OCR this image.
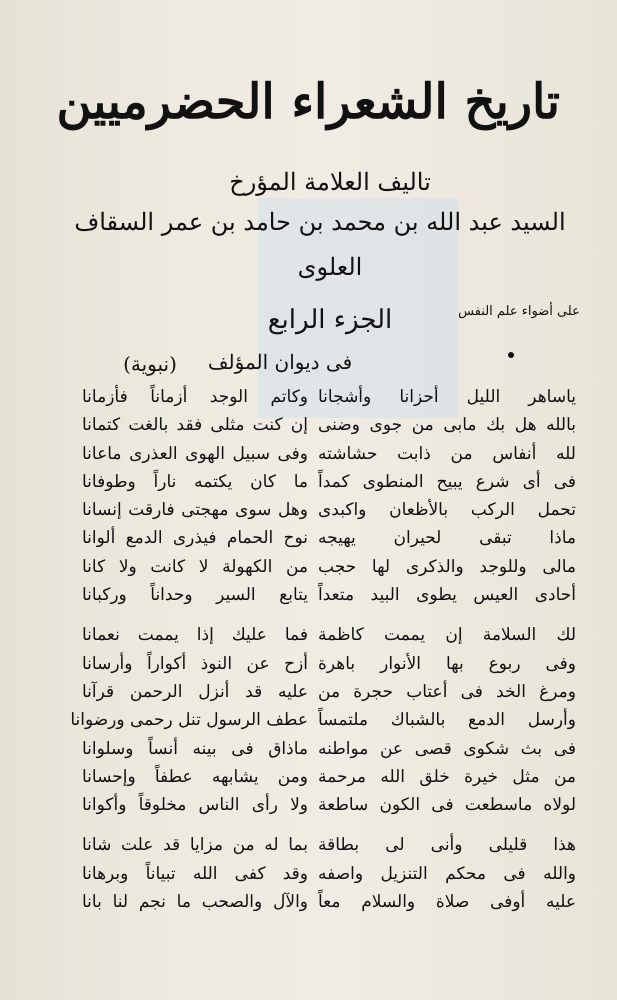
تاريخ الشعراء الحضرميين
تاليف العلامة المؤرخ
السيد عبد الله بن محمد بن حامد بن عمر السقاف
العلوى
الجزء الرابع	على أضواء علم النفس
فى ديوان المؤلف
(نبوية)
ياساهر الليل أحزانا وأشجانا
بالله هل بك مابى من جوى وضنى
لله أنفاس من ذابت حشاشته
فى أى شرع يبيح المنطوى كمداً
تحمل الركب بالأظعان واكبدى
ماذا تبقى لحيران يهيجه
مالى وللوجد والذكرى لها حجب
أحادى العيس يطوى البيد متعداً
لك السلامة إن يممت كاظمة
وفى ربوع بها الأنوار باهرة
ومرغ الخد فى أعتاب حجرة من
وأرسل الدمع بالشباك ملتمساً
فى بث شكوى قصى عن مواطنه
من مثل خيرة خلق الله مرحمة
لولاه ماسطعت فى الكون ساطعة
هذا قليلى وأنى لى بطاقة
والله فى محكم التنزيل واصفه
عليه أوفى صلاة والسلام معاً
وكاتم الوجد أزماناً فأزمانا
إن كنت مثلى فقد بالغت كتمانا
وفى سبيل الهوى العذرى ماعانا
ما كان يكتمه ناراً وطوفانا
وهل سوى مهجتى فارقت إنسانا
نوح الحمام فيذرى الدمع ألوانا
من الكهولة لا كانت ولا كانا
يتابع السير وحداناً وركبانا
فما عليك إذا يممت نعمانا
أزح عن النوذ أكواراً وأرسانا
عليه قد أنزل الرحمن قرآنا
عطف الرسول تنل رحمى ورضوانا
ماذاق فى بينه أنساً وسلوانا
ومن يشابهه عطفاً وإحسانا
ولا رأى الناس مخلوقاً وأكوانا
بما له من مزايا قد علت شانا
وقد كفى الله تبياناً وبرهانا
والآل والصحب ما نجم لنا بانا
